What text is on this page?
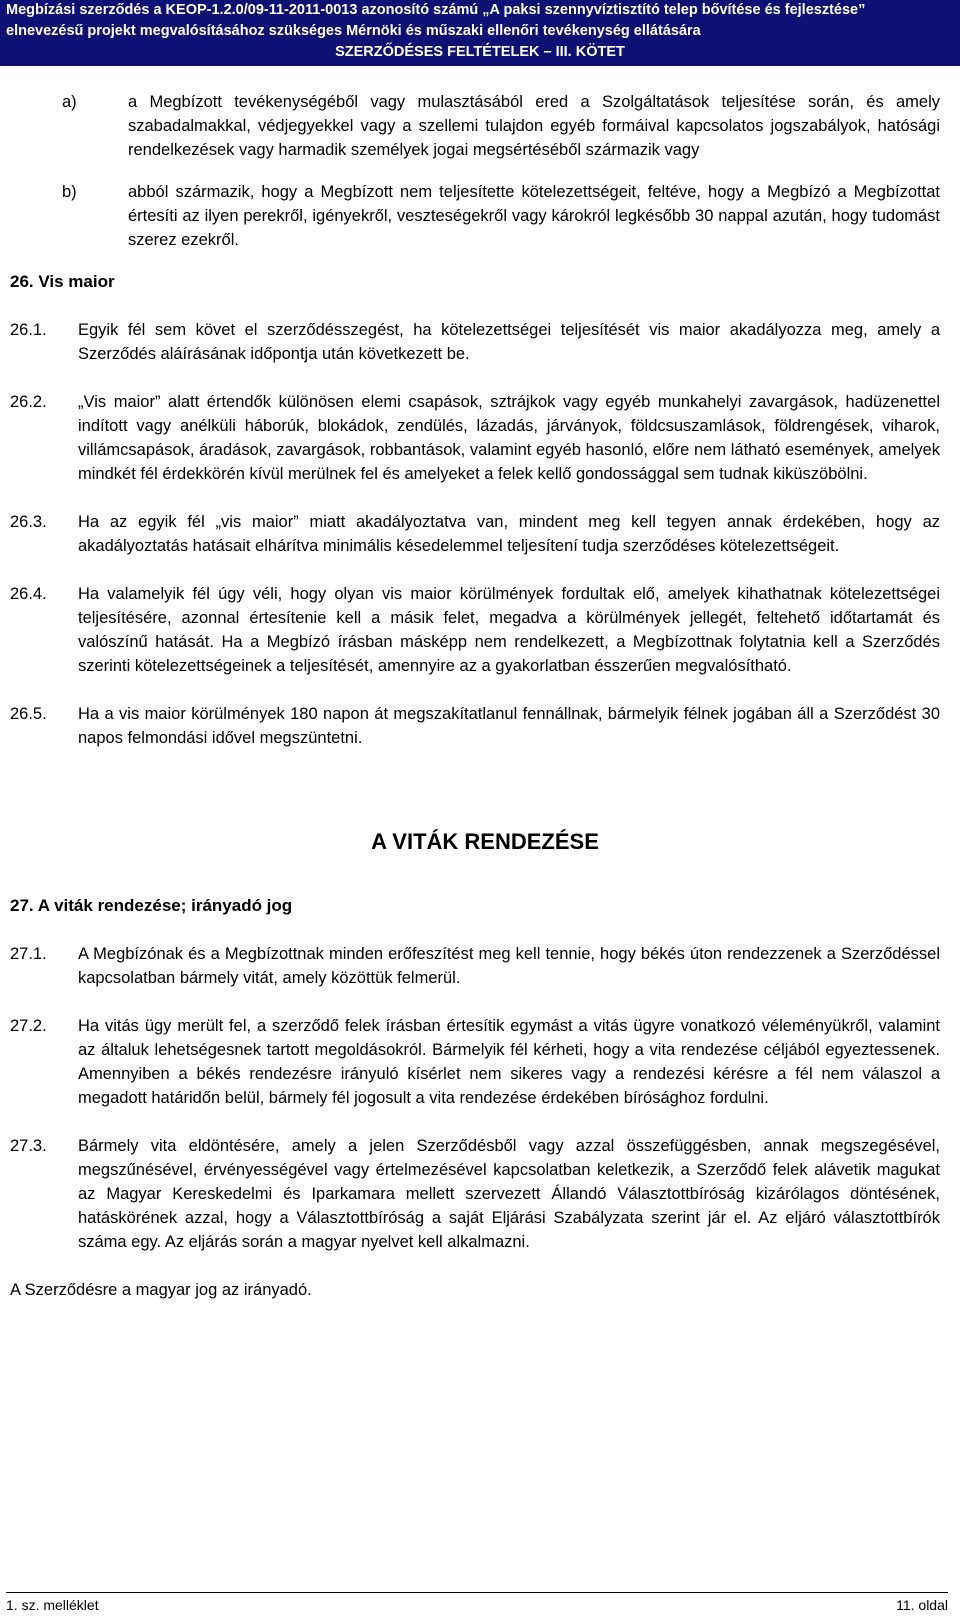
Megbízási szerződés a KEOP-1.2.0/09-11-2011-0013 azonosító számú „A paksi szennyvíztisztító telep bővítése és fejlesztése”
elnevezésű projekt megvalósításához szükséges Mérnöki és műszaki ellenőri tevékenység ellátására
SZERZŐDÉSES FELTÉTELEK – III. KÖTET
a)	a Megbízott tevékenységéből vagy mulasztásából ered a Szolgáltatások teljesítése során, és amely szabadalmakkal, védjegyekkel vagy a szellemi tulajdon egyéb formáival kapcsolatos jogszabályok, hatósági rendelkezések vagy harmadik személyek jogai megsértéséből származik vagy
b)	abból származik, hogy a Megbízott nem teljesítette kötelezettségeit, feltéve, hogy a Megbízó a Megbízottat értesíti az ilyen perekről, igényekről, veszteségekről vagy károkról legkésőbb 30 nappal azután, hogy tudomást szerez ezekről.
26. Vis maior
26.1.	Egyik fél sem követ el szerződésszegést, ha kötelezettségei teljesítését vis maior akadályozza meg, amely a Szerződés aláírásának időpontja után következett be.
26.2.	„Vis maior” alatt értendők különösen elemi csapások, sztrájkok vagy egyéb munkahelyi zavargások, hadüzenettel indított vagy anélküli háborúk, blokádok, zendülés, lázadás, járványok, földcsuszamlások, földrengések, viharok, villámcsapások, áradások, zavargások, robbantások, valamint egyéb hasonló, előre nem látható események, amelyek mindkét fél érdekkörén kívül merülnek fel és amelyeket a felek kellő gondossággal sem tudnak kiküszöbölni.
26.3.	Ha az egyik fél „vis maior” miatt akadályoztatva van, mindent meg kell tegyen annak érdekében, hogy az akadályoztatás hatásait elhárítva minimális késedelemmel teljesítení tudja szerződéses kötelezettségeit.
26.4.	Ha valamelyik fél úgy véli, hogy olyan vis maior körülmények fordultak elő, amelyek kihathatnak kötelezettségei teljesítésére, azonnal értesítenie kell a másik felet, megadva a körülmények jellegét, feltehető időtartamát és valószínű hatását. Ha a Megbízó írásban másképp nem rendelkezett, a Megbízottnak folytatnia kell a Szerződés szerinti kötelezettségeinek a teljesítését, amennyire az a gyakorlatban ésszerűen megvalósítható.
26.5.	Ha a vis maior körülmények 180 napon át megszakítatlanul fennállnak, bármelyik félnek jogában áll a Szerződést 30 napos felmondási idővel megszüntetni.
A VITÁK RENDEZÉSE
27. A viták rendezése; irányadó jog
27.1.	A Megbízónak és a Megbízottnak minden erőfeszítést meg kell tennie, hogy békés úton rendezzenek a Szerződéssel kapcsolatban bármely vitát, amely közöttük felmerül.
27.2.	Ha vitás ügy merült fel, a szerződő felek írásban értesítik egymást a vitás ügyre vonatkozó véleményükről, valamint az általuk lehetségesnek tartott megoldásokról. Bármelyik fél kérheti, hogy a vita rendezése céljából egyeztessenek. Amennyiben a békés rendezésre irányuló kísérlet nem sikeres vagy a rendezési kérésre a fél nem válaszol a megadott határidőn belül, bármely fél jogosult a vita rendezése érdekében bírósághoz fordulni.
27.3.	Bármely vita eldöntésére, amely a jelen Szerződésből vagy azzal összefüggésben, annak megszegésével, megszűnésével, érvényességével vagy értelmezésével kapcsolatban keletkezik, a Szerződő felek alávetik magukat az Magyar Kereskedelmi és Iparkamara mellett szervezett Állandó Választottbíróság kizárólagos döntésének, hatáskörének azzal, hogy a Választottbíróság a saját Eljárási Szabályzata szerint jár el. Az eljáró választottbírók száma egy. Az eljárás során a magyar nyelvet kell alkalmazni.
A Szerződésre a magyar jog az irányadó.
1. sz. melléklet	11. oldal
